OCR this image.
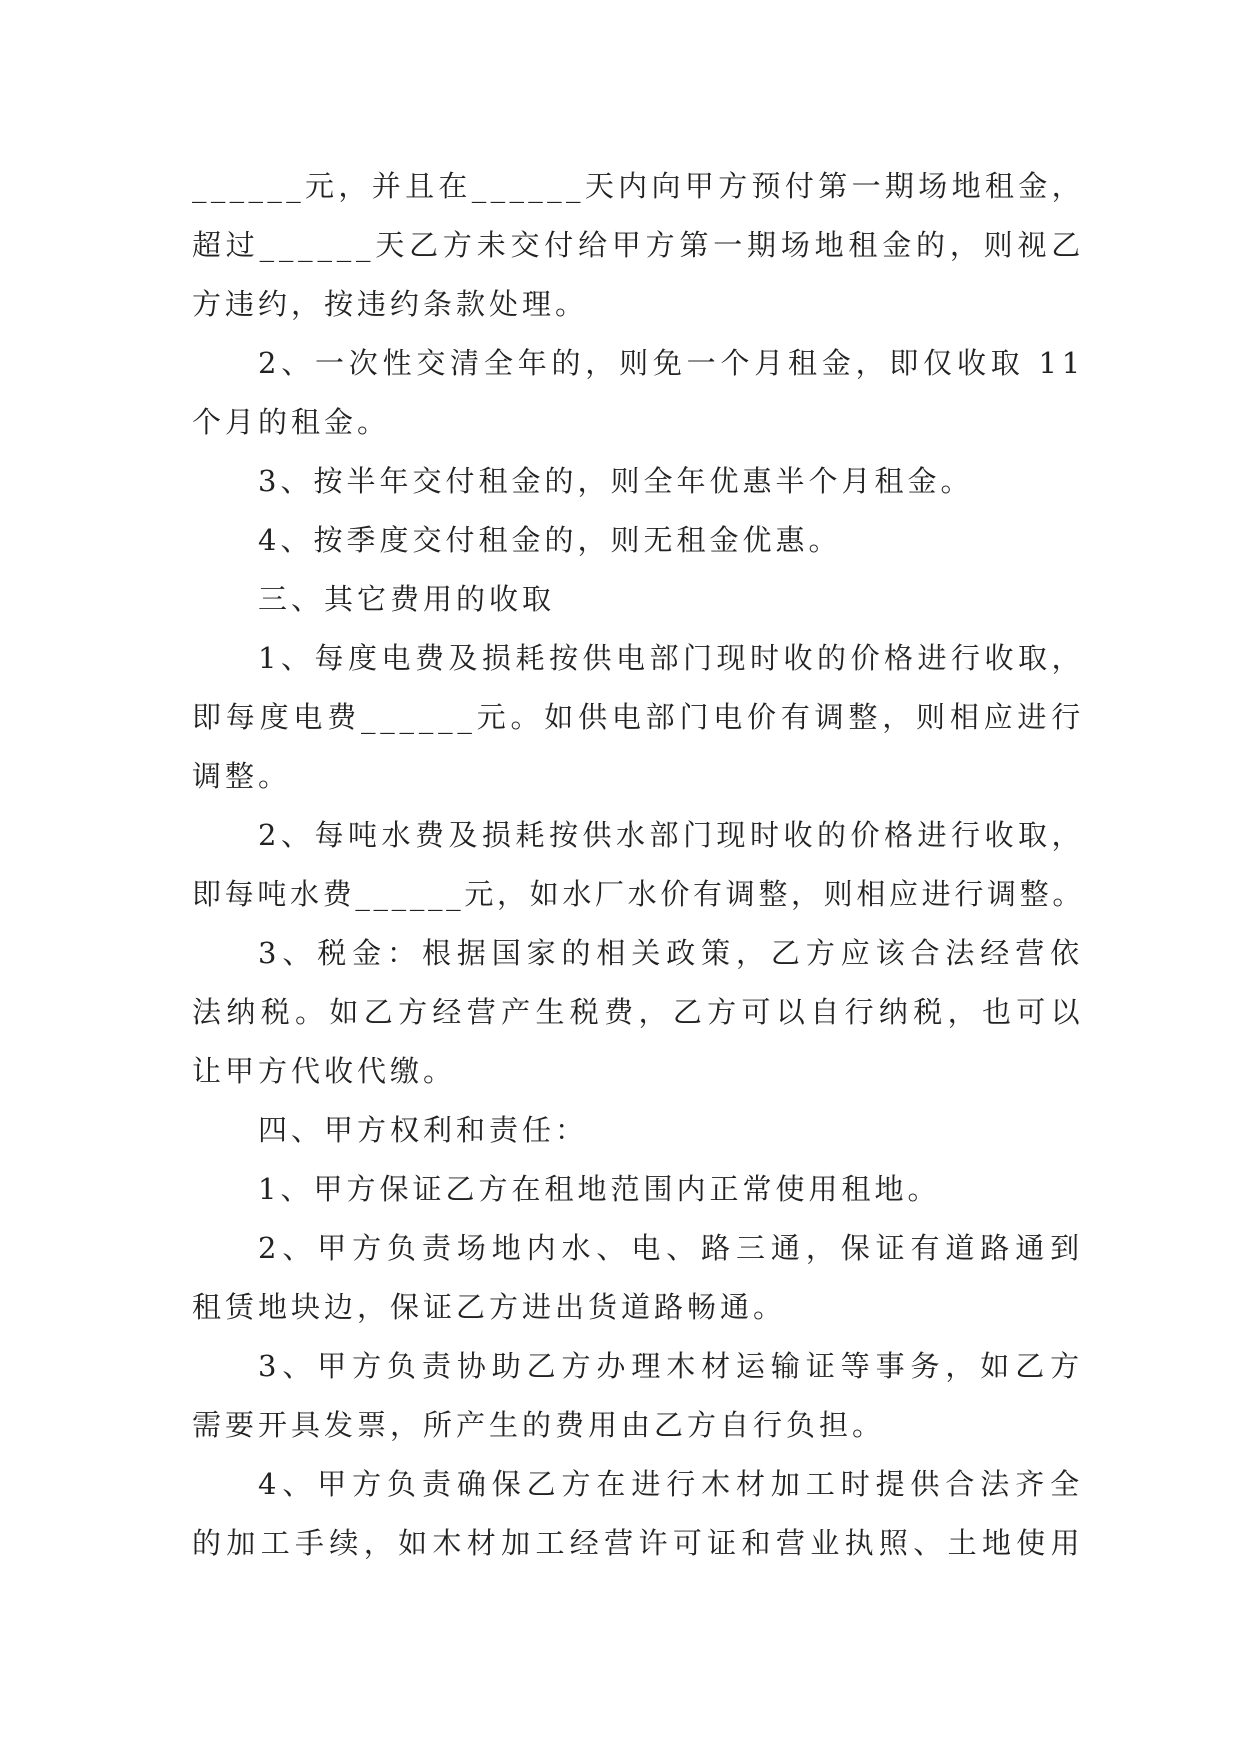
______元，并且在______天内向甲方预付第一期场地租金，
超过______天乙方未交付给甲方第一期场地租金的，则视乙
方违约，按违约条款处理。
2、一次性交清全年的，则免一个月租金，即仅收取 11
个月的租金。
3、按半年交付租金的，则全年优惠半个月租金。
4、按季度交付租金的，则无租金优惠。
三、其它费用的收取
1、每度电费及损耗按供电部门现时收的价格进行收取，
即每度电费______元。如供电部门电价有调整，则相应进行
调整。
2、每吨水费及损耗按供水部门现时收的价格进行收取，
即每吨水费______元，如水厂水价有调整，则相应进行调整。
3、税金：根据国家的相关政策，乙方应该合法经营依
法纳税。如乙方经营产生税费，乙方可以自行纳税，也可以
让甲方代收代缴。
四、甲方权利和责任：
1、甲方保证乙方在租地范围内正常使用租地。
2、甲方负责场地内水、电、路三通，保证有道路通到
租赁地块边，保证乙方进出货道路畅通。
3、甲方负责协助乙方办理木材运输证等事务，如乙方
需要开具发票，所产生的费用由乙方自行负担。
4、甲方负责确保乙方在进行木材加工时提供合法齐全
的加工手续，如木材加工经营许可证和营业执照、土地使用
